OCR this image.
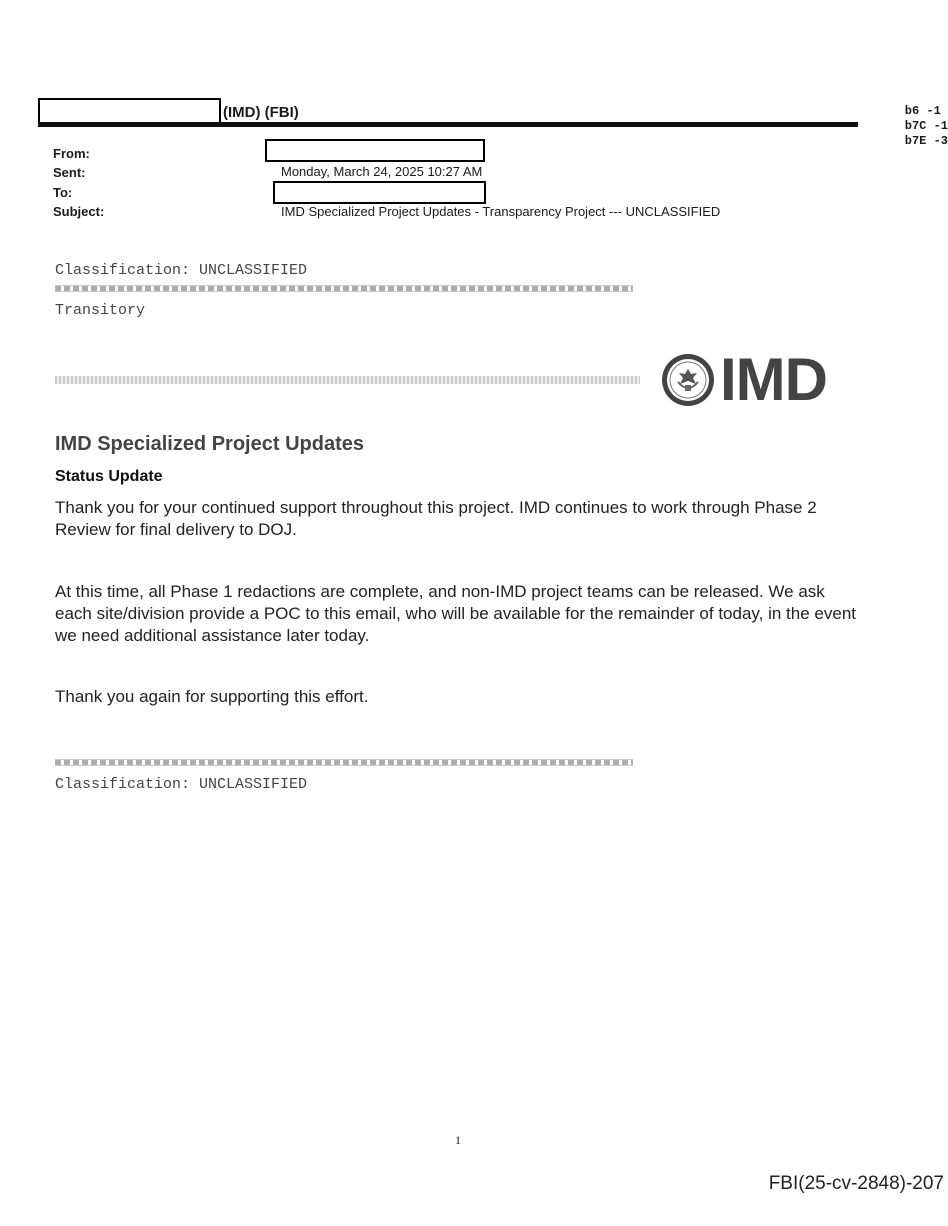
(IMD) (FBI)	b6 -1
b7C -1
b7E -3
From:
Sent:	Monday, March 24, 2025 10:27 AM
To:
Subject:	IMD Specialized Project Updates - Transparency Project --- UNCLASSIFIED
Classification: UNCLASSIFIED
Transitory
IMD
IMD Specialized Project Updates
Status Update
Thank you for your continued support throughout this project. IMD continues to work through Phase 2 Review for final delivery to DOJ.
At this time, all Phase 1 redactions are complete, and non-IMD project teams can be released. We ask each site/division provide a POC to this email, who will be available for the remainder of today, in the event we need additional assistance later today.
Thank you again for supporting this effort.
Classification: UNCLASSIFIED
1
FBI(25-cv-2848)-207
